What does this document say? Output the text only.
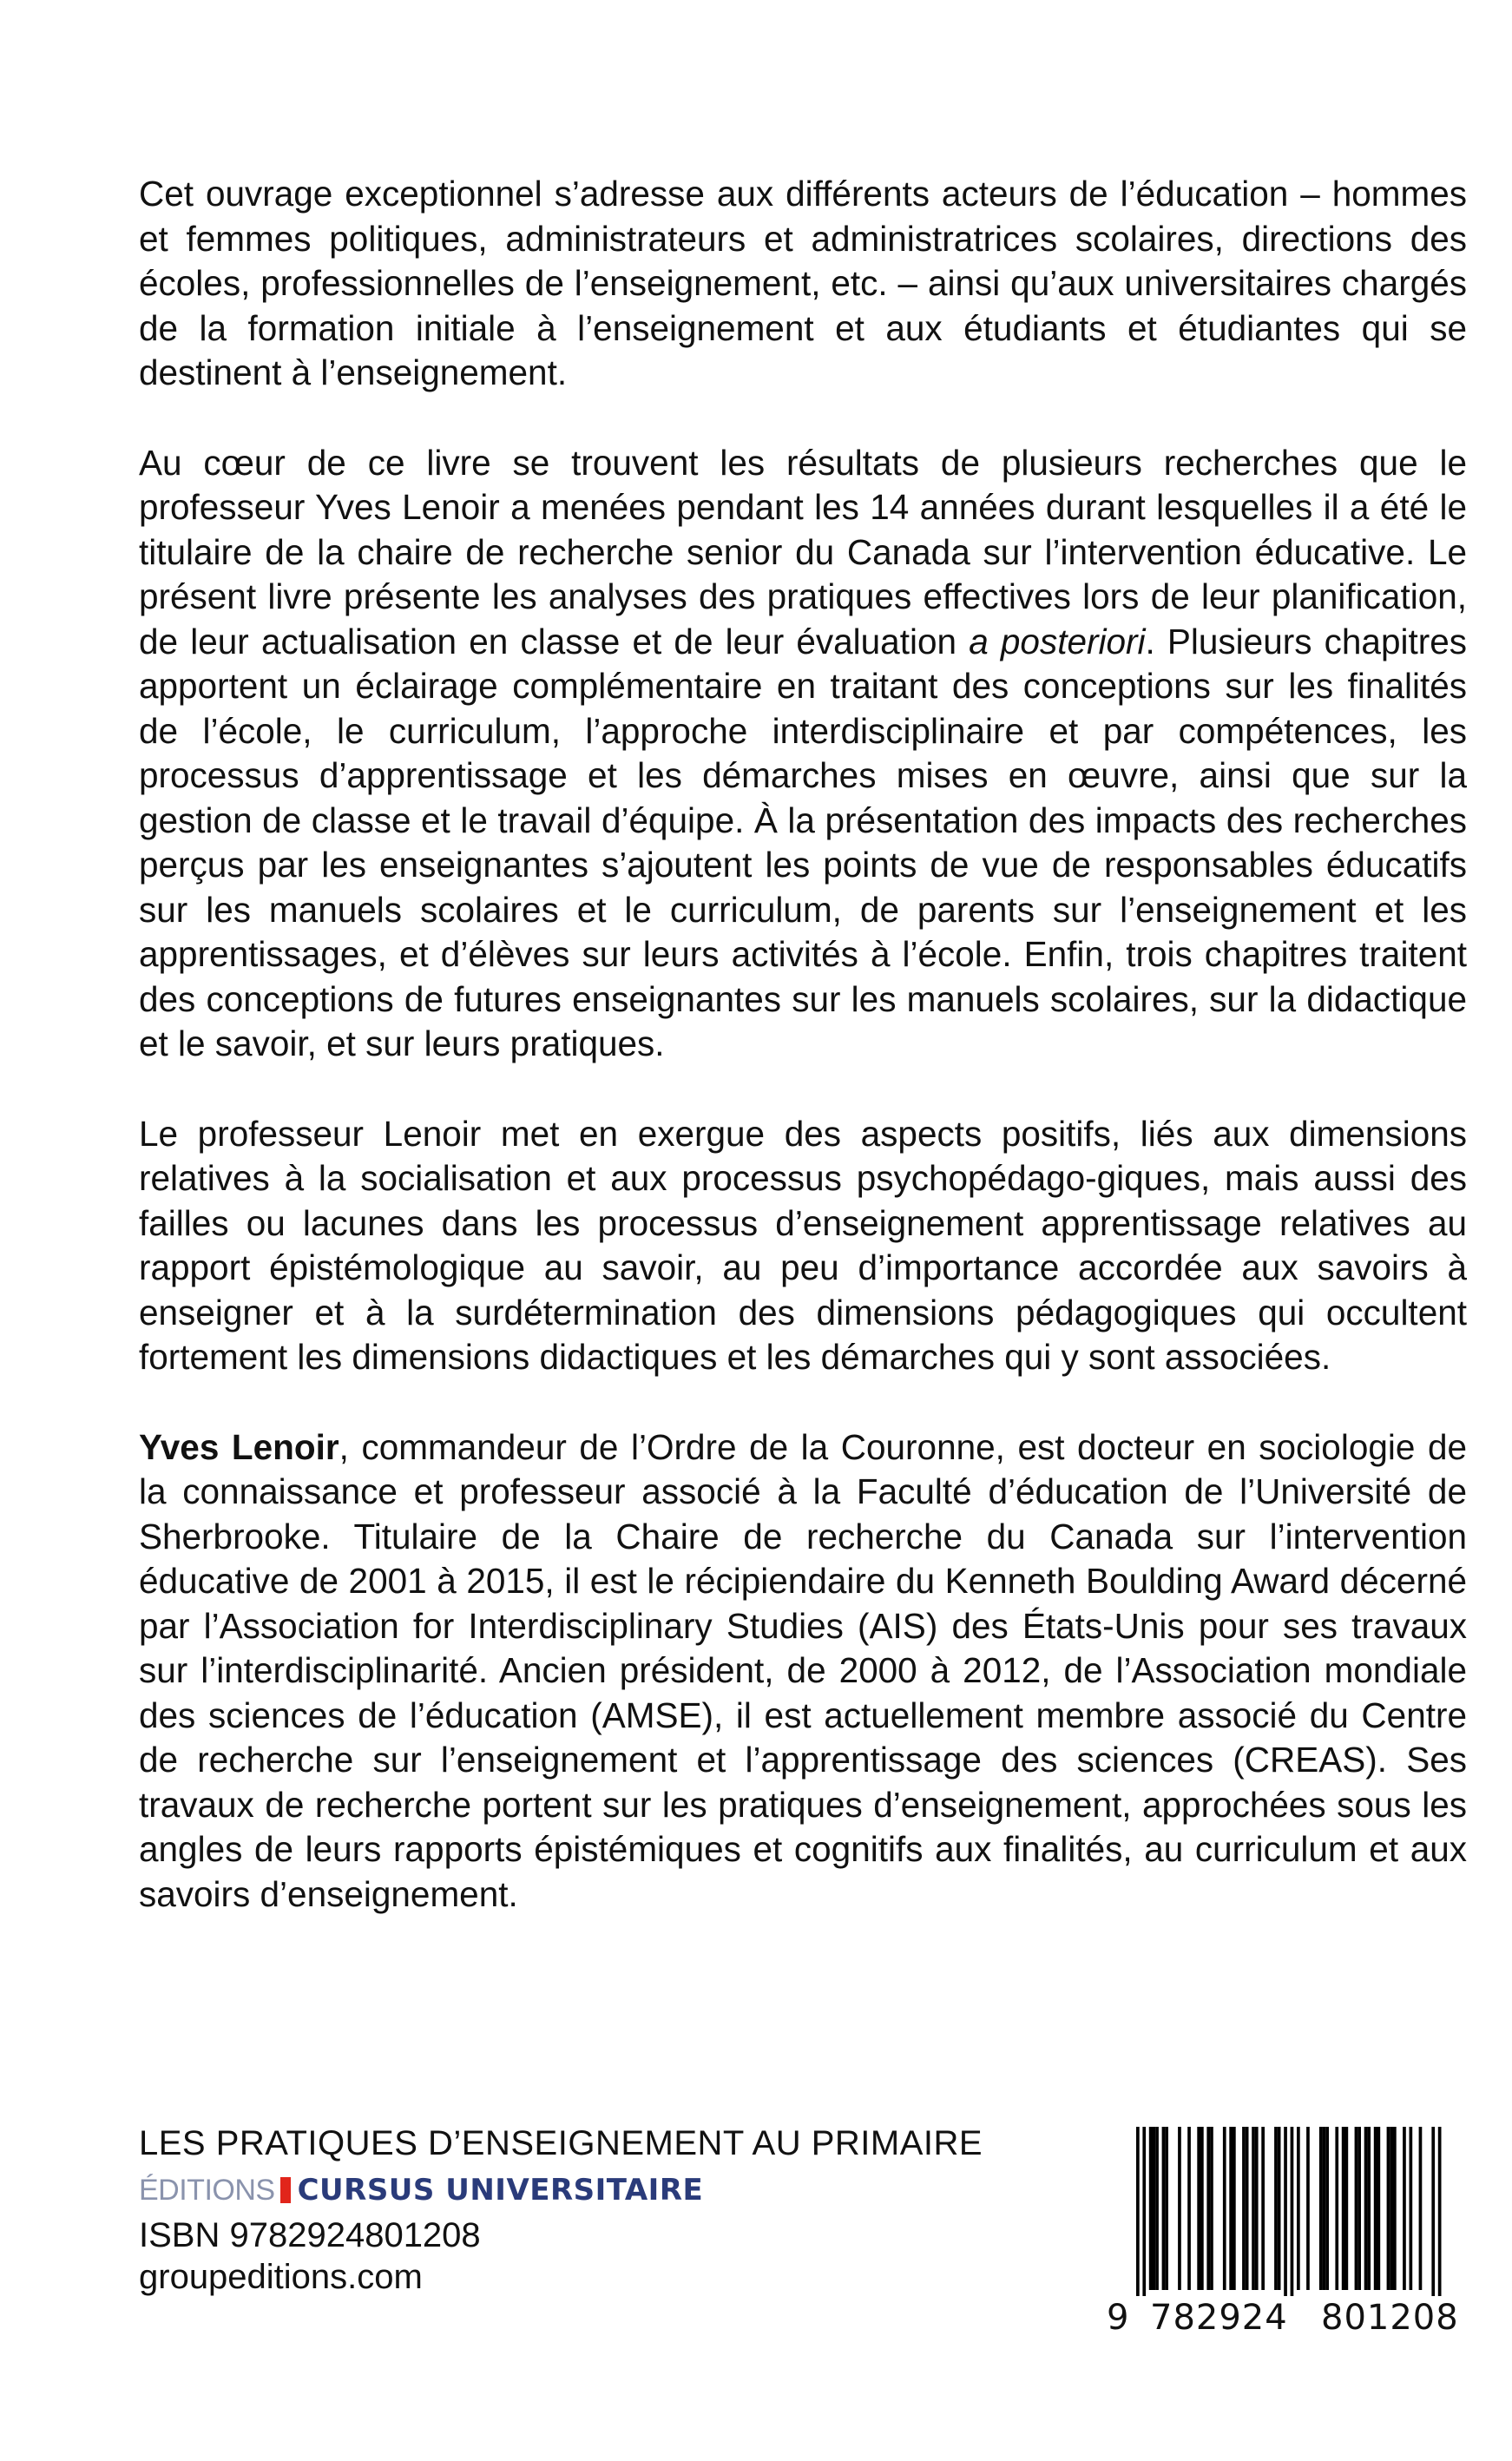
Cet ouvrage exceptionnel s’adresse aux différents acteurs de l’éducation – hommes et femmes politiques, administrateurs et administratrices scolaires, directions des écoles, professionnelles de l’enseignement, etc. – ainsi qu’aux universitaires chargés de la formation initiale à l’enseignement et aux étudiants et étudiantes qui se destinent à l’enseignement.

Au cœur de ce livre se trouvent les résultats de plusieurs recherches que le professeur Yves Lenoir a menées pendant les 14 années durant lesquelles il a été le titulaire de la chaire de recherche senior du Canada sur l’intervention éducative. Le présent livre présente les analyses des pratiques effectives lors de leur planification, de leur actualisation en classe et de leur évaluation a posteriori. Plusieurs chapitres apportent un éclairage complémentaire en traitant des conceptions sur les finalités de l’école, le curriculum, l’approche interdisciplinaire et par compétences, les processus d’apprentissage et les démarches mises en œuvre, ainsi que sur la gestion de classe et le travail d’équipe. À la présentation des impacts des recherches perçus par les enseignantes s’ajoutent les points de vue de responsables éducatifs sur les manuels scolaires et le curriculum, de parents sur l’enseignement et les apprentissages, et d’élèves sur leurs activités à l’école. Enfin, trois chapitres traitent des conceptions de futures enseignantes sur les manuels scolaires, sur la didactique et le savoir, et sur leurs pratiques.

Le professeur Lenoir met en exergue des aspects positifs, liés aux dimensions relatives à la socialisation et aux processus psychopédago-giques, mais aussi des failles ou lacunes dans les processus d’enseignement apprentissage relatives au rapport épistémologique au savoir, au peu d’importance accordée aux savoirs à enseigner et à la surdétermination des dimensions pédagogiques qui occultent fortement les dimensions didactiques et les démarches qui y sont associées.

Yves Lenoir, commandeur de l’Ordre de la Couronne, est docteur en sociologie de la connaissance et professeur associé à la Faculté d’éducation de l’Université de Sherbrooke. Titulaire de la Chaire de recherche du Canada sur l’intervention éducative de 2001 à 2015, il est le récipiendaire du Kenneth Boulding Award décerné par l’Association for Interdisciplinary Studies (AIS) des États-Unis pour ses travaux sur l’interdisciplinarité. Ancien président, de 2000 à 2012, de l’Association mondiale des sciences de l’éducation (AMSE), il est actuellement membre associé du Centre de recherche sur l’enseignement et l’apprentissage des sciences (CREAS). Ses travaux de recherche portent sur les pratiques d’enseignement, approchées sous les angles de leurs rapports épistémiques et cognitifs aux finalités, au curriculum et aux savoirs d’enseignement.

LES PRATIQUES D’ENSEIGNEMENT AU PRIMAIRE

ÉDITIONS CURSUS UNIVERSITAIRE

ISBN 9782924801208

groupeditions.com

9 782924 801208
